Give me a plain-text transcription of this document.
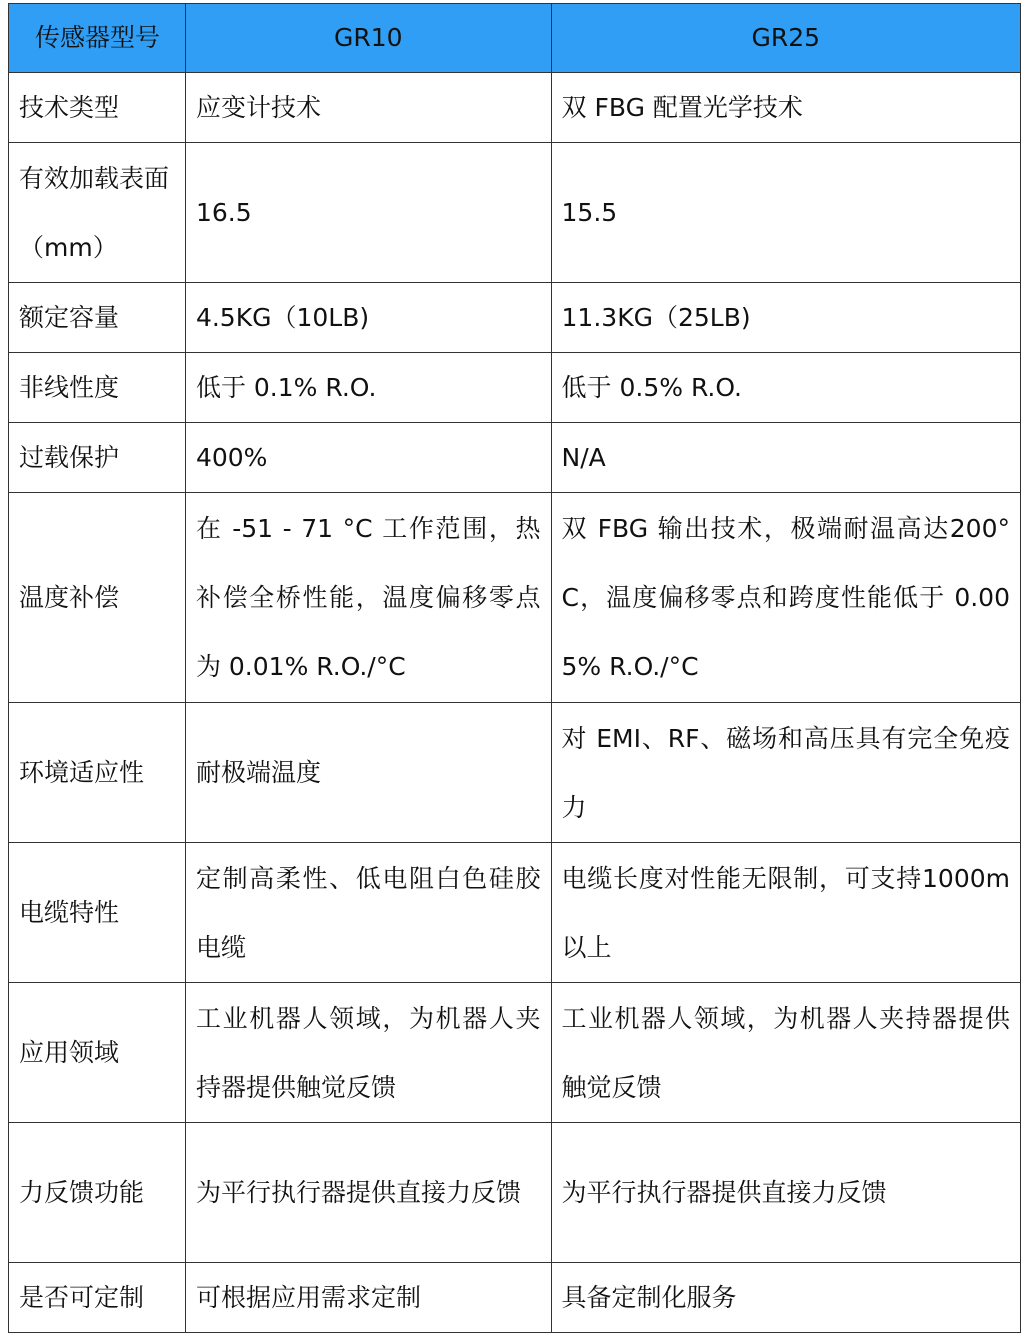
传感器型号	GR10	GR25
技术类型	应变计技术	双 FBG 配置光学技术
有效加载表面（mm）	16.5	15.5
额定容量	4.5KG（10LB)	11.3KG（25LB)
非线性度	低于 0.1% R.O.	低于 0.5% R.O.
过载保护	400%	N/A
温度补偿	在 -51 - 71 °C 工作范围，热补偿全桥性能，温度偏移零点为 0.01% R.O./°C	双 FBG 输出技术，极端耐温高达200°C，温度偏移零点和跨度性能低于 0.005% R.O./°C
环境适应性	耐极端温度	对 EMI、RF、磁场和高压具有完全免疫力
电缆特性	定制高柔性、低电阻白色硅胶电缆	电缆长度对性能无限制，可支持1000m 以上
应用领域	工业机器人领域，为机器人夹持器提供触觉反馈	工业机器人领域，为机器人夹持器提供触觉反馈
力反馈功能	为平行执行器提供直接力反馈	为平行执行器提供直接力反馈
是否可定制	可根据应用需求定制	具备定制化服务
